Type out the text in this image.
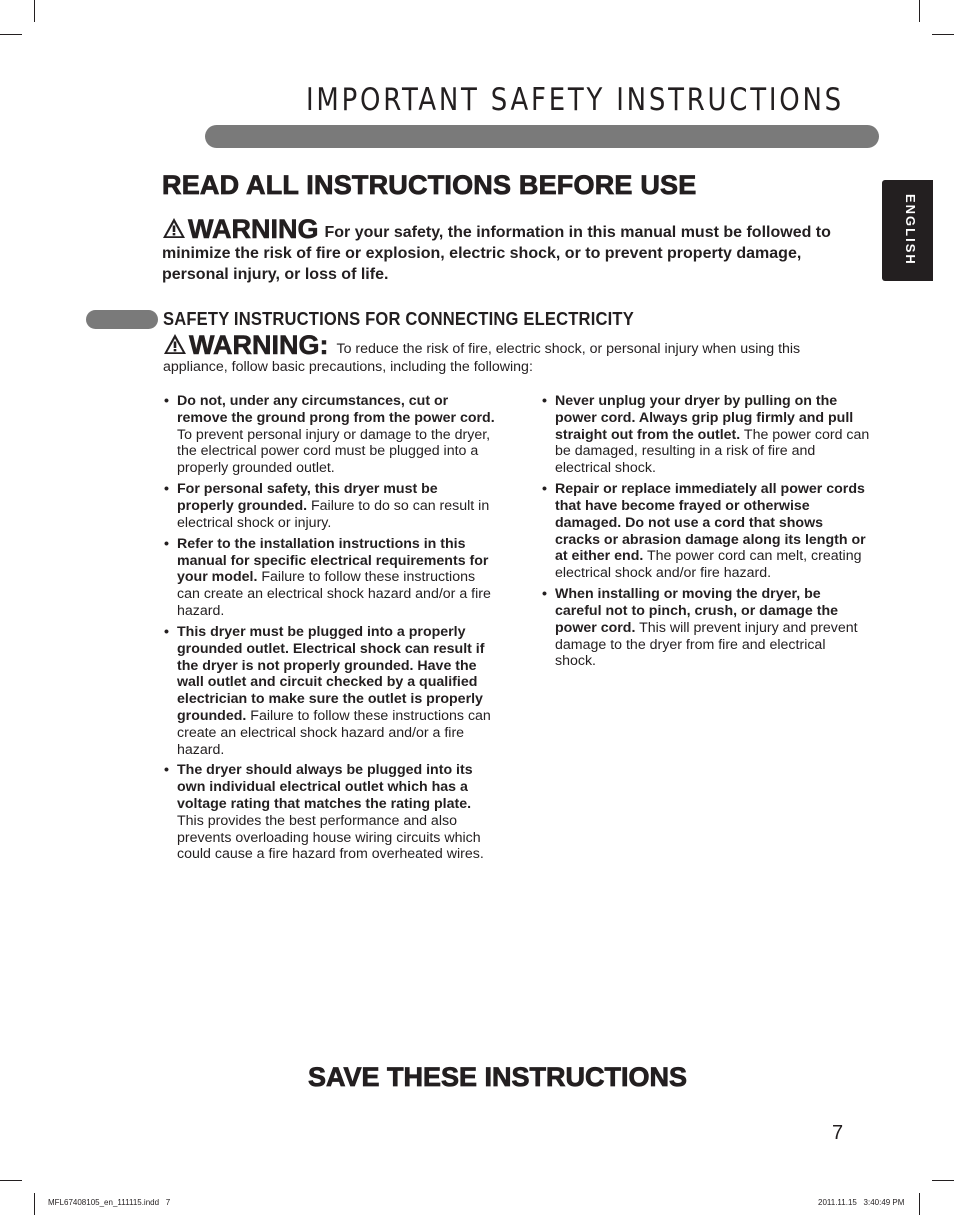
IMPORTANT SAFETY INSTRUCTIONS
ENGLISH
READ ALL INSTRUCTIONS BEFORE USE
WARNING For your safety, the information in this manual must be followed to minimize the risk of fire or explosion, electric shock, or to prevent property damage, personal injury, or loss of life.
SAFETY INSTRUCTIONS FOR CONNECTING ELECTRICITY
WARNING: To reduce the risk of fire, electric shock, or personal injury when using this appliance, follow basic precautions, including the following:
• Do not, under any circumstances, cut or remove the ground prong from the power cord. To prevent personal injury or damage to the dryer, the electrical power cord must be plugged into a properly grounded outlet.
• For personal safety, this dryer must be properly grounded. Failure to do so can result in electrical shock or injury.
• Refer to the installation instructions in this manual for specific electrical requirements for your model. Failure to follow these instructions can create an electrical shock hazard and/or a fire hazard.
• This dryer must be plugged into a properly grounded outlet. Electrical shock can result if the dryer is not properly grounded. Have the wall outlet and circuit checked by a qualified electrician to make sure the outlet is properly grounded. Failure to follow these instructions can create an electrical shock hazard and/or a fire hazard.
• The dryer should always be plugged into its own individual electrical outlet which has a voltage rating that matches the rating plate. This provides the best performance and also prevents overloading house wiring circuits which could cause a fire hazard from overheated wires.
• Never unplug your dryer by pulling on the power cord. Always grip plug firmly and pull straight out from the outlet. The power cord can be damaged, resulting in a risk of fire and electrical shock.
• Repair or replace immediately all power cords that have become frayed or otherwise damaged. Do not use a cord that shows cracks or abrasion damage along its length or at either end. The power cord can melt, creating electrical shock and/or fire hazard.
• When installing or moving the dryer, be careful not to pinch, crush, or damage the power cord. This will prevent injury and prevent damage to the dryer from fire and electrical shock.
SAVE THESE INSTRUCTIONS
7
MFL67408105_en_111115.indd   7	2011.11.15   3:40:49 PM
